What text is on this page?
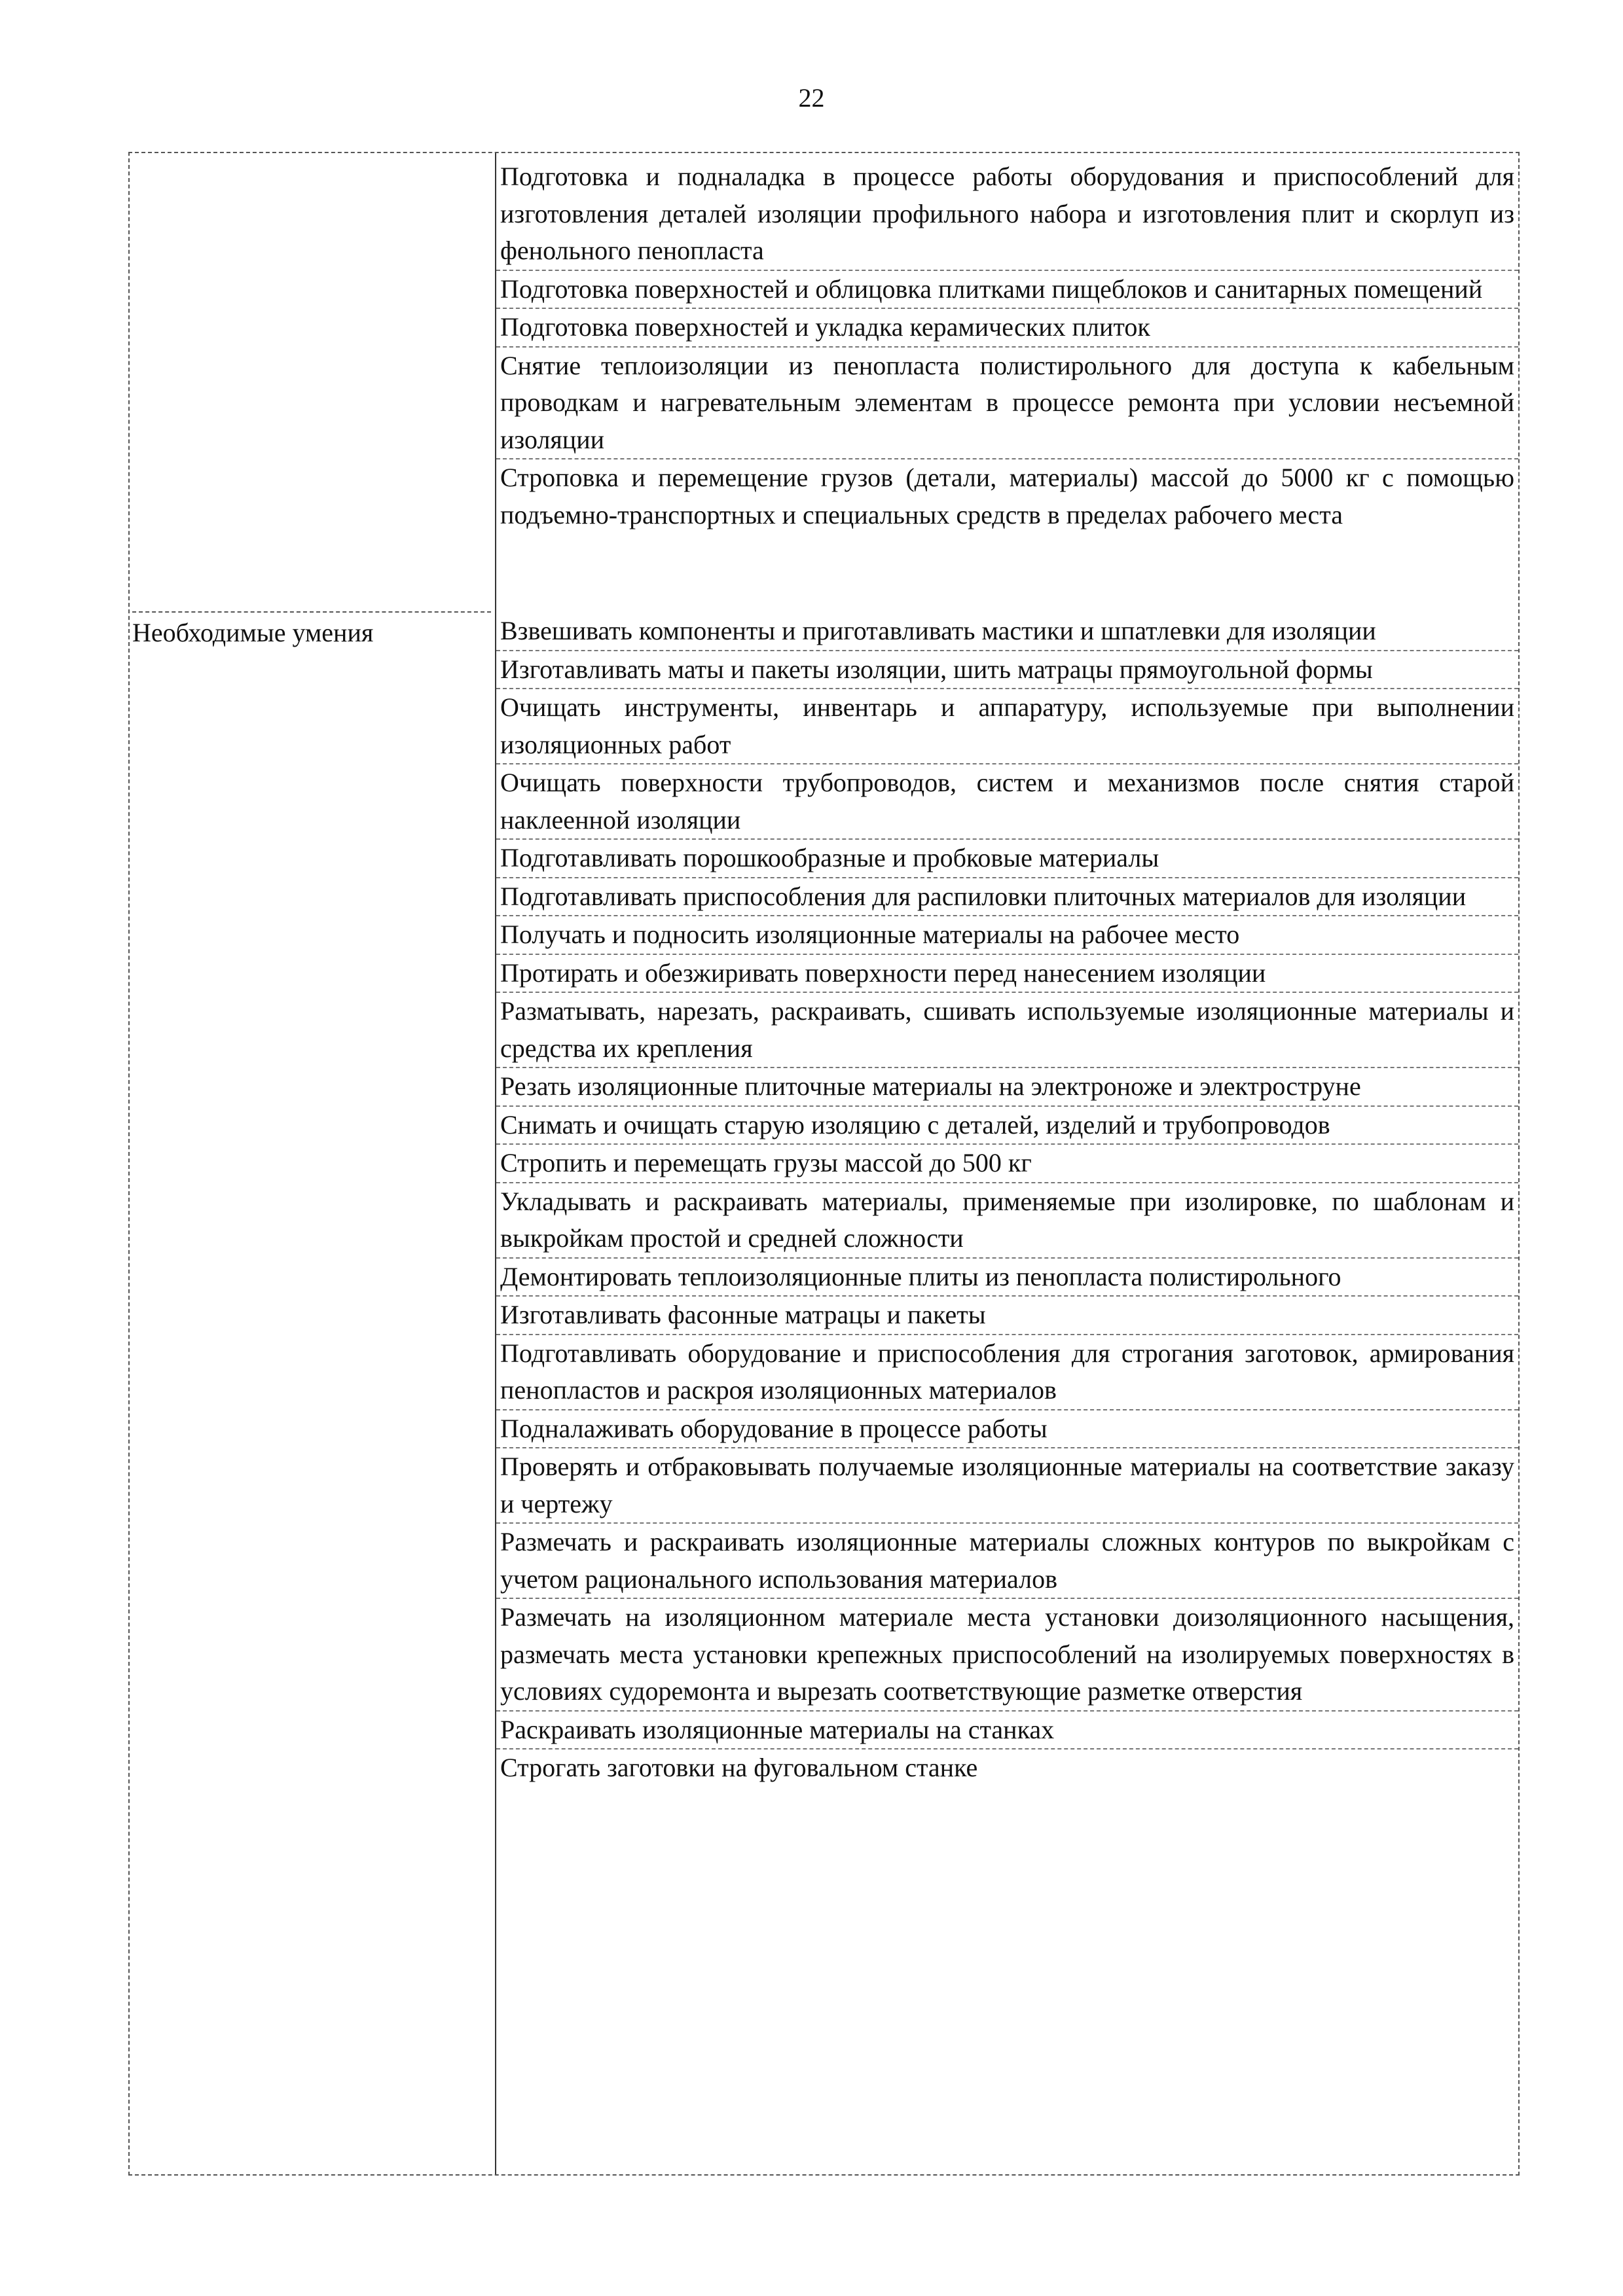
22
Необходимые умения
Подготовка и подналадка в процессе работы оборудования и приспособлений для изготовления деталей изоляции профильного набора и изготовления плит и скорлуп из фенольного пенопласта
Подготовка поверхностей и облицовка плитками пищеблоков и санитарных помещений
Подготовка поверхностей и укладка керамических плиток
Снятие теплоизоляции из пенопласта полистирольного для доступа к кабельным проводкам и нагревательным элементам в процессе ремонта при условии несъемной изоляции
Строповка и перемещение грузов (детали, материалы) массой до 5000 кг с помощью подъемно-транспортных и специальных средств в пределах рабочего места
Взвешивать компоненты и приготавливать мастики и шпатлевки для изоляции
Изготавливать маты и пакеты изоляции, шить матрацы прямоугольной формы
Очищать инструменты, инвентарь и аппаратуру, используемые при выполнении изоляционных работ
Очищать поверхности трубопроводов, систем и механизмов после снятия старой наклеенной изоляции
Подготавливать порошкообразные и пробковые материалы
Подготавливать приспособления для распиловки плиточных материалов для изоляции
Получать и подносить изоляционные материалы на рабочее место
Протирать и обезжиривать поверхности перед нанесением изоляции
Разматывать, нарезать, раскраивать, сшивать используемые изоляционные материалы и средства их крепления
Резать изоляционные плиточные материалы на электроноже и электроструне
Снимать и очищать старую изоляцию с деталей, изделий и трубопроводов
Стропить и перемещать грузы массой до 500 кг
Укладывать и раскраивать материалы, применяемые при изолировке, по шаблонам и выкройкам простой и средней сложности
Демонтировать теплоизоляционные плиты из пенопласта полистирольного
Изготавливать фасонные матрацы и пакеты
Подготавливать оборудование и приспособления для строгания заготовок, армирования пенопластов и раскроя изоляционных материалов
Подналаживать оборудование в процессе работы
Проверять и отбраковывать получаемые изоляционные материалы на соответствие заказу и чертежу
Размечать и раскраивать изоляционные материалы сложных контуров по выкройкам с учетом рационального использования материалов
Размечать на изоляционном материале места установки доизоляционного насыщения, размечать места установки крепежных приспособлений на изолируемых поверхностях в условиях судоремонта и вырезать соответствующие разметке отверстия
Раскраивать изоляционные материалы на станках
Строгать заготовки на фуговальном станке
